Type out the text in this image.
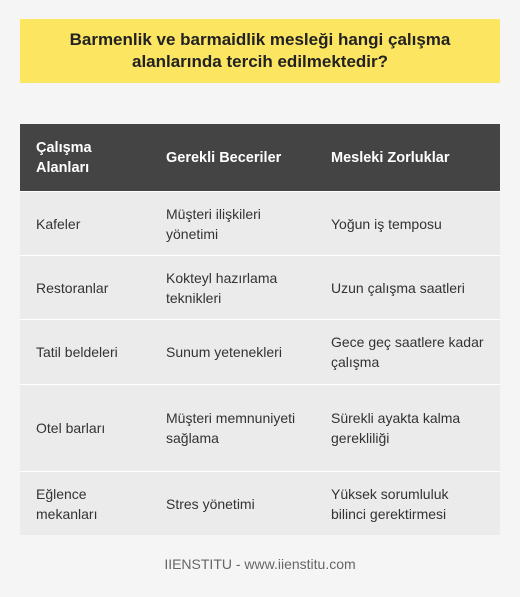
Barmenlik ve barmaidlik mesleği hangi çalışma alanlarında tercih edilmektedir?
Çalışma Alanları	Gerekli Beceriler	Mesleki Zorluklar
Kafeler	Müşteri ilişkileri yönetimi	Yoğun iş temposu
Restoranlar	Kokteyl hazırlama teknikleri	Uzun çalışma saatleri
Tatil beldeleri	Sunum yetenekleri	Gece geç saatlere kadar çalışma
Otel barları	Müşteri memnuniyeti sağlama	Sürekli ayakta kalma gerekliliği
Eğlence mekanları	Stres yönetimi	Yüksek sorumluluk bilinci gerektirmesi
IIENSTITU - www.iienstitu.com
